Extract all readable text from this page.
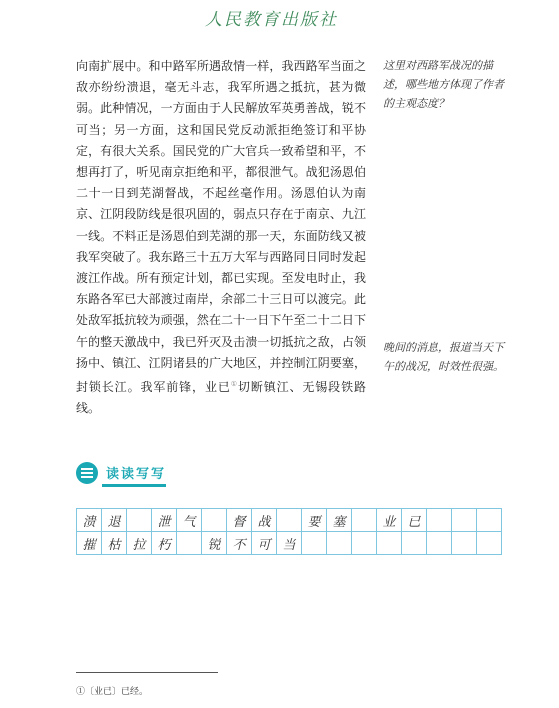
人民教育出版社
向南扩展中。和中路军所遇敌情一样，我西路军当面之敌亦纷纷溃退，毫无斗志，我军所遇之抵抗，甚为微弱。此种情况，一方面由于人民解放军英勇善战，锐不可当；另一方面，这和国民党反动派拒绝签订和平协定，有很大关系。国民党的广大官兵一致希望和平，不想再打了，听见南京拒绝和平，都很泄气。战犯汤恩伯二十一日到芜湖督战，不起丝毫作用。汤恩伯认为南京、江阴段防线是很巩固的，弱点只存在于南京、九江一线。不料正是汤恩伯到芜湖的那一天，东面防线又被我军突破了。我东路三十五万大军与西路同日同时发起渡江作战。所有预定计划，都已实现。至发电时止，我东路各军已大部渡过南岸，余部二十三日可以渡完。此处敌军抵抗较为顽强，然在二十一日下午至二十二日下午的整天激战中，我已歼灭及击溃一切抵抗之敌，占领扬中、镇江、江阴诸县的广大地区，并控制江阴要塞，封锁长江。我军前锋，业已①切断镇江、无锡段铁路线。
这里对西路军战况的描述，哪些地方体现了作者的主观态度？
晚间的消息，报道当天下午的战况，时效性很强。
读读写写
溃	退		泄	气		督	战		要	塞		业	已			
摧	枯	拉	朽		锐	不	可	当								
①〔业已〕已经。
